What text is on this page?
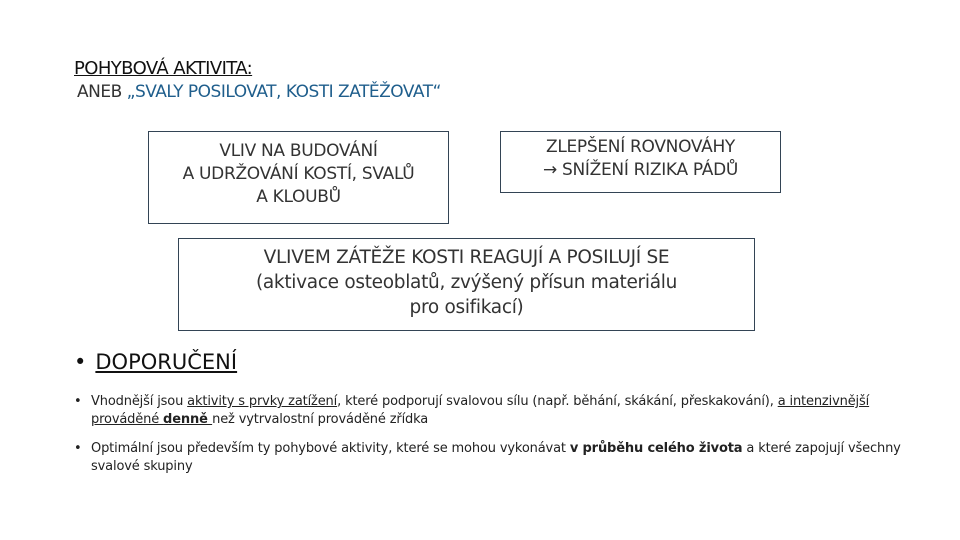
POHYBOVÁ AKTIVITA:
ANEB „SVALY POSILOVAT, KOSTI ZATĚŽOVAT“
VLIV NA BUDOVÁNÍ
A UDRŽOVÁNÍ KOSTÍ, SVALŮ
A KLOUBŮ
ZLEPŠENÍ ROVNOVÁHY
→ SNÍŽENÍ RIZIKA PÁDŮ
VLIVEM ZÁTĚŽE KOSTI REAGUJÍ A POSILUJÍ SE
(aktivace osteoblatů, zvýšený přísun materiálu
pro osifikací)
• DOPORUČENÍ
• Vhodnější jsou aktivity s prvky zatížení, které podporují svalovou sílu (např. běhání, skákání, přeskakování), a intenzivnější prováděné denně než vytrvalostní prováděné zřídka
• Optimální jsou především ty pohybové aktivity, které se mohou vykonávat v průběhu celého života a které zapojují všechny svalové skupiny
